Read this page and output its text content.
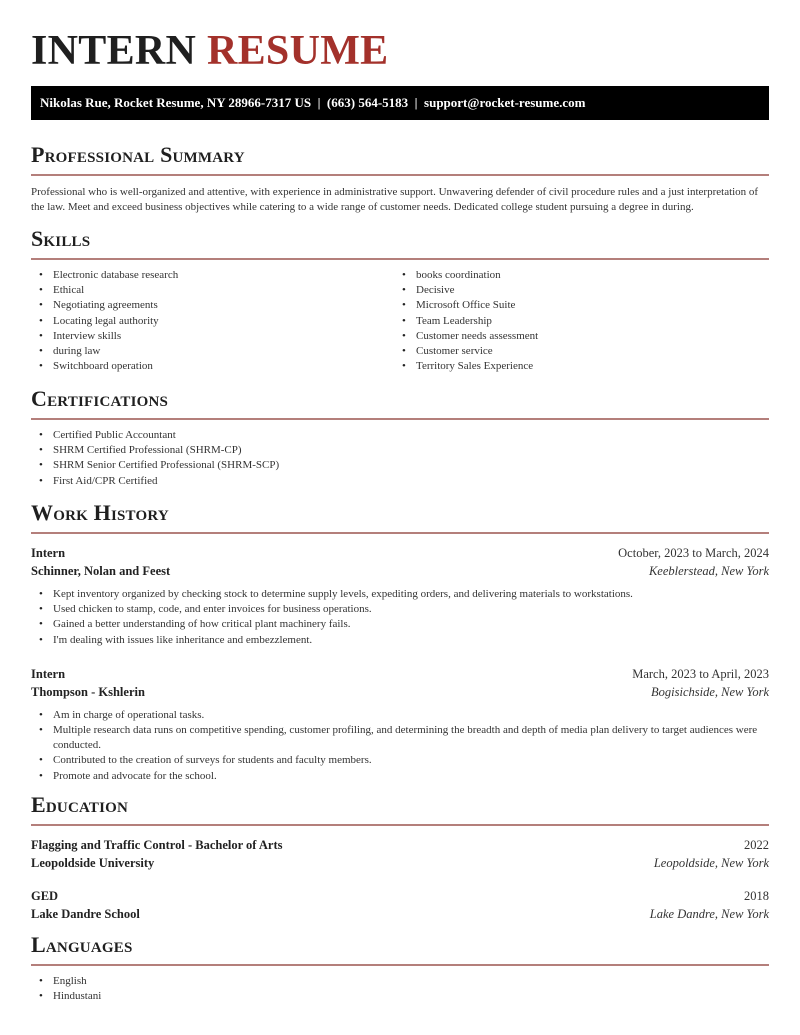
INTERN RESUME
Nikolas Rue, Rocket Resume, NY 28966-7317 US  |  (663) 564-5183  |  support@rocket-resume.com
Professional Summary

Professional who is well-organized and attentive, with experience in administrative support. Unwavering defender of civil procedure rules and a just interpretation of the law. Meet and exceed business objectives while catering to a wide range of customer needs. Dedicated college student pursuing a degree in during.

Skills
• Electronic database research
• Ethical
• Negotiating agreements
• Locating legal authority
• Interview skills
• during law
• Switchboard operation
• books coordination
• Decisive
• Microsoft Office Suite
• Team Leadership
• Customer needs assessment
• Customer service
• Territory Sales Experience
Certifications
• Certified Public Accountant
• SHRM Certified Professional (SHRM-CP)
• SHRM Senior Certified Professional (SHRM-SCP)
• First Aid/CPR Certified
Work History
Intern	October, 2023 to March, 2024
Schinner, Nolan and Feest	Keeblerstead, New York
• Kept inventory organized by checking stock to determine supply levels, expediting orders, and delivering materials to workstations.
• Used chicken to stamp, code, and enter invoices for business operations.
• Gained a better understanding of how critical plant machinery fails.
• I'm dealing with issues like inheritance and embezzlement.
Intern	March, 2023 to April, 2023
Thompson - Kshlerin	Bogisichside, New York
• Am in charge of operational tasks.
• Multiple research data runs on competitive spending, customer profiling, and determining the breadth and depth of media plan delivery to target audiences were conducted.
• Contributed to the creation of surveys for students and faculty members.
• Promote and advocate for the school.
Education
Flagging and Traffic Control - Bachelor of Arts	2022
Leopoldside University	Leopoldside, New York
GED	2018
Lake Dandre School	Lake Dandre, New York
Languages
• English
• Hindustani
